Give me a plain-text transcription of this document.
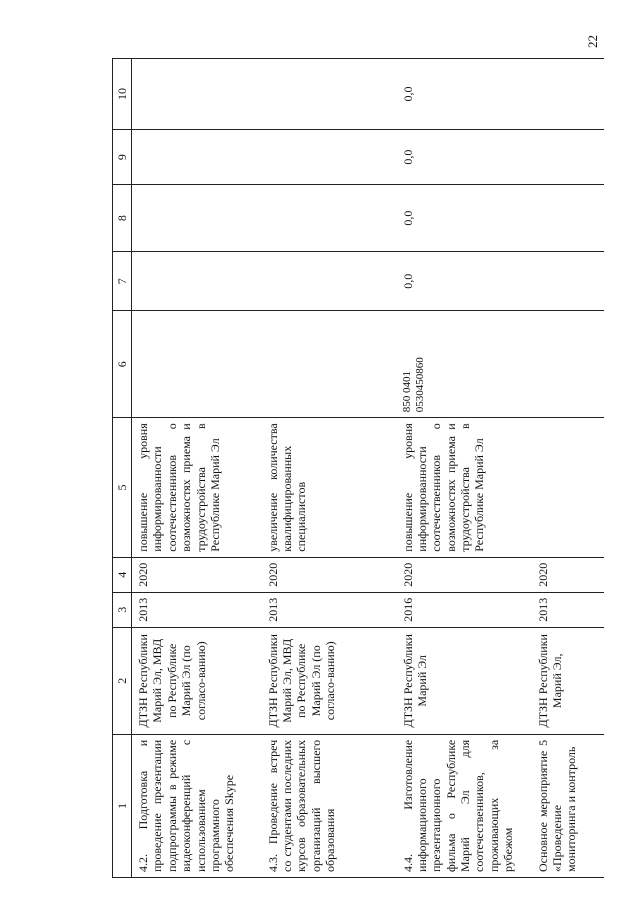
22
1	2	3	4	5	6	7	8	9	10
4.2. Подготовка и проведение презентации подпрограммы в режиме видеоконференций с использованием программного обеспечения Skype	ДТЗН Республики Марий Эл, МВД по Республике Марий Эл (по согласо-ванию)	2013	2020	повышение уровня информированности соотечественников о возможностях приема и трудоустройства в Республике Марий Эл					
4.3. Проведение встреч со студентами последних курсов образовательных организаций высшего образования	ДТЗН Республики Марий Эл, МВД по Республике Марий Эл (по согласо-ванию)	2013	2020	увеличение количества квалифицированных специалистов					
4.4. Изготовление информационного презентационного фильма о Республике Марий Эл для соотечественников, проживающих за рубежом	ДТЗН Республики Марий Эл	2016	2020	повышение уровня информированности соотечественников о возможностях приема и трудоустройства в Республике Марий Эл	850 0401 0530450860	0,0	0,0	0,0	0,0
Основное мероприятие 5 «Проведение мониторинга и контроль	ДТЗН Республики Марий Эл,	2013	2020						
